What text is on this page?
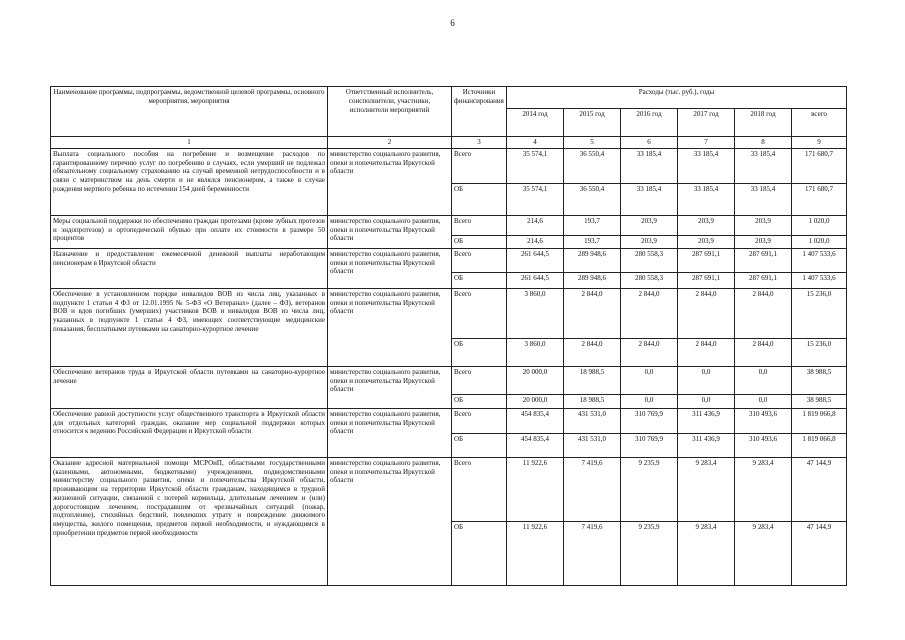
6
Наименование программы, подпрограммы, ведомственной целевой программы, основного мероприятия, мероприятия	Ответственный исполнитель, соисполнители, участники, исполнители мероприятий	Источники финансирования	Расходы (тыс. руб.), годы					
			2014 год	2015 год	2016 год	2017 год	2018 год	всего
1	2	3	4	5	6	7	8	9
Выплата социального пособия на погребение и возмещение расходов по гарантированному перечню услуг по погребению в случаях, если умерший не подлежал обязательному социальному страхованию на случай временной нетрудоспособности и в связи с материнством на день смерти и не являлся пенсионером, а также в случае рождения мертвого ребенка по истечении 154 дней беременности	министерство социального развития, опеки и попечительства Иркутской области	Всего	35 574,1	36 550,4	33 185,4	33 185,4	33 185,4	171 680,7
		ОБ	35 574,1	36 550,4	33 185,4	33 185,4	33 185,4	171 680,7
Меры социальной поддержки по обеспечению граждан протезами (кроме зубных протезов и эндопротезов) и ортопедической обувью при оплате их стоимости в размере 50 процентов	министерство социального развития, опеки и попечительства Иркутской области	Всего	214,6	193,7	203,9	203,9	203,9	1 020,0
		ОБ	214,6	193,7	203,9	203,9	203,9	1 020,0
Назначение и предоставление ежемесячной денежной выплаты неработающим пенсионерам в Иркутской области	министерство социального развития, опеки и попечительства Иркутской области	Всего	261 644,5	289 948,6	280 558,3	287 691,1	287 691,1	1 407 533,6
		ОБ	261 644,5	289 948,6	280 558,3	287 691,1	287 691,1	1 407 533,6
Обеспечение в установленном порядке инвалидов ВОВ из числа лиц, указанных в подпункте 1 статьи 4 ФЗ от 12.01.1995 № 5-ФЗ «О Ветеранах» (далее – ФЗ), ветеранов ВОВ и вдов погибших (умерших) участников ВОВ и инвалидов ВОВ из числа лиц, указанных в подпункте 1 статьи 4 ФЗ, имеющих соответствующие медицинские показания, бесплатными путевками на санаторно-курортное лечение	министерство социального развития, опеки и попечительства Иркутской области	Всего	3 860,0	2 844,0	2 844,0	2 844,0	2 844,0	15 236,0
		ОБ	3 860,0	2 844,0	2 844,0	2 844,0	2 844,0	15 236,0
Обеспечение ветеранов труда в Иркутской области путевками на санаторно-курортное лечение	министерство социального развития, опеки и попечительства Иркутской области	Всего	20 000,0	18 988,5	0,0	0,0	0,0	38 988,5
		ОБ	20 000,0	18 988,5	0,0	0,0	0,0	38 988,5
Обеспечение равной доступности услуг общественного транспорта в Иркутской области для отдельных категорий граждан, оказание мер социальной поддержки которых относится к ведению Российской Федерации и Иркутской области	министерство социального развития, опеки и попечительства Иркутской области	Всего	454 835,4	431 531,0	310 769,9	311 436,9	310 493,6	1 819 066,8
		ОБ	454 835,4	431 531,0	310 769,9	311 436,9	310 493,6	1 819 066,8
Оказание адресной материальной помощи МСРОиП, областными государственными (казенными, автономными, бюджетными) учреждениями, подведомственными министерству социального развития, опеки и попечительства Иркутской области, проживающим на территории Иркутской области гражданам, находящимся в трудной жизненной ситуации, связанной с потерей кормильца, длительным лечением и (или) дорогостоящим лечением, пострадавшим от чрезвычайных ситуаций (пожар, подтопление), стихийных бедствий, повлекших утрату и повреждение движимого имущества, жилого помещения, предметов первой необходимости, и нуждающимся в приобретении предметов первой необходимости	министерство социального развития, опеки и попечительства Иркутской области	Всего	11 922,6	7 419,6	9 235,9	9 283,4	9 283,4	47 144,9
		ОБ	11 922,6	7 419,6	9 235,9	9 283,4	9 283,4	47 144,9
